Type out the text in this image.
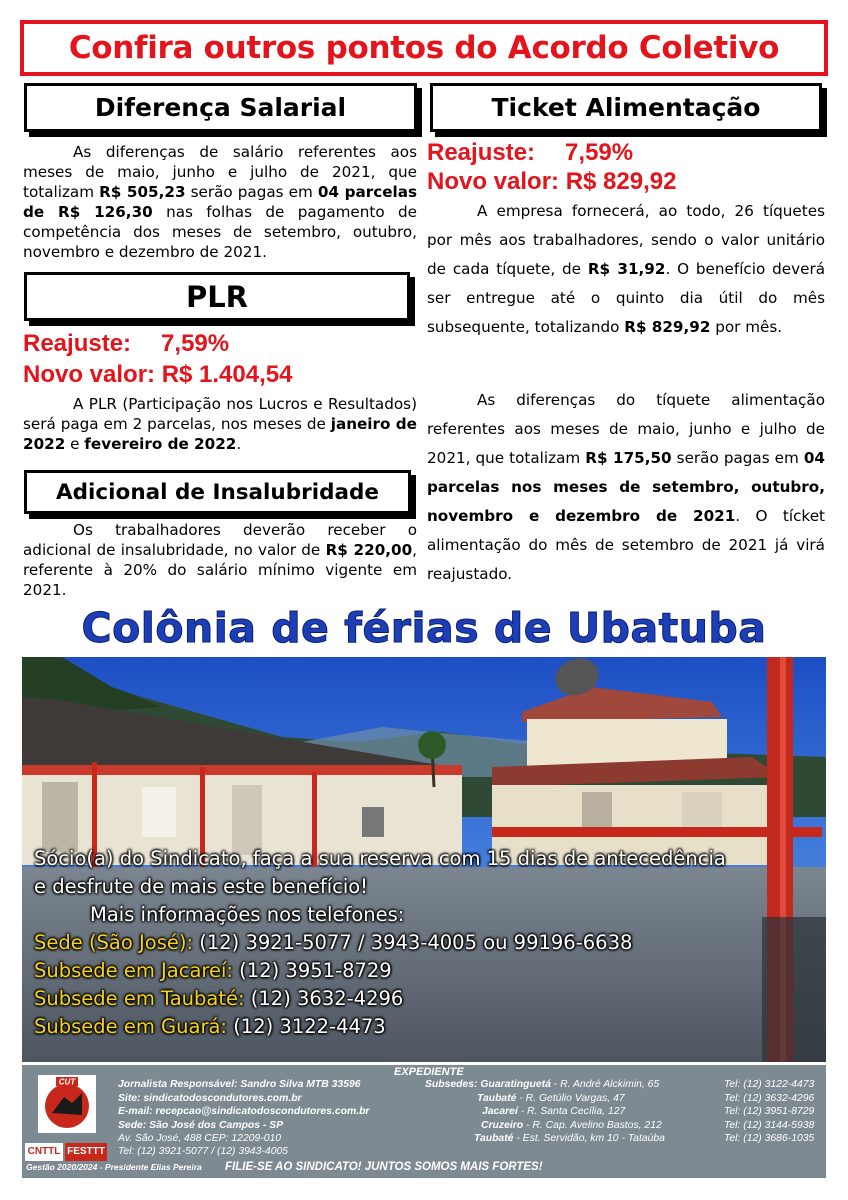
Confira outros pontos do Acordo Coletivo
Diferença Salarial
As diferenças de salário referentes aos meses de maio, junho e julho de 2021, que totalizam R$ 505,23 serão pagas em 04 parcelas de R$ 126,30 nas folhas de pagamento de competência dos meses de setembro, outubro, novembro e dezembro de 2021.
PLR
Reajuste: 7,59%
Novo valor: R$ 1.404,54
A PLR (Participação nos Lucros e Resultados) será paga em 2 parcelas, nos meses de janeiro de 2022 e fevereiro de 2022.
Adicional de Insalubridade
Os trabalhadores deverão receber o adicional de insalubridade, no valor de R$ 220,00, referente à 20% do salário mínimo vigente em 2021.
Ticket Alimentação
Reajuste: 7,59%
Novo valor: R$ 829,92
A empresa fornecerá, ao todo, 26 tíquetes por mês aos trabalhadores, sendo o valor unitário de cada tíquete, de R$ 31,92. O benefício deverá ser entregue até o quinto dia útil do mês subsequente, totalizando R$ 829,92 por mês.
As diferenças do tíquete alimentação referentes aos meses de maio, junho e julho de 2021, que totalizam R$ 175,50 serão pagas em 04 parcelas nos meses de setembro, outubro, novembro e dezembro de 2021. O tícket alimentação do mês de setembro de 2021 já virá reajustado.
Colônia de férias de Ubatuba
Sócio(a) do Sindicato, faça a sua reserva com 15 dias de antecedência
e desfrute de mais este benefício!
Mais informações nos telefones:
Sede (São José): (12) 3921-5077 / 3943-4005 ou 99196-6638
Subsede em Jacareí: (12) 3951-8729
Subsede em Taubaté: (12) 3632-4296
Subsede em Guará: (12) 3122-4473
CUT
CNTTL FESTTT
EXPEDIENTE
Jornalista Responsável: Sandro Silva MTB 33596
Site: sindicatodoscondutores.com.br
E-mail: recepcao@sindicatodoscondutores.com.br
Sede: São José dos Campos - SP
Av. São José, 488 CEP: 12209-010
Tel: (12) 3921-5077 / (12) 3943-4005
Gestão 2020/2024 - Presidente Elias Pereira FILIE-SE AO SINDICATO! JUNTOS SOMOS MAIS FORTES!
Subsedes: Guaratinguetá - R. André Alckimin, 65
Taubaté - R. Getúlio Vargas, 47
Jacareí - R. Santa Cecília, 127
Cruzeiro - R. Cap. Avelino Bastos, 212
Taubaté - Est. Servidão, km 10 - Tataúba
Tel: (12) 3122-4473
Tel: (12) 3632-4296
Tel: (12) 3951-8729
Tel: (12) 3144-5938
Tel: (12) 3686-1035
